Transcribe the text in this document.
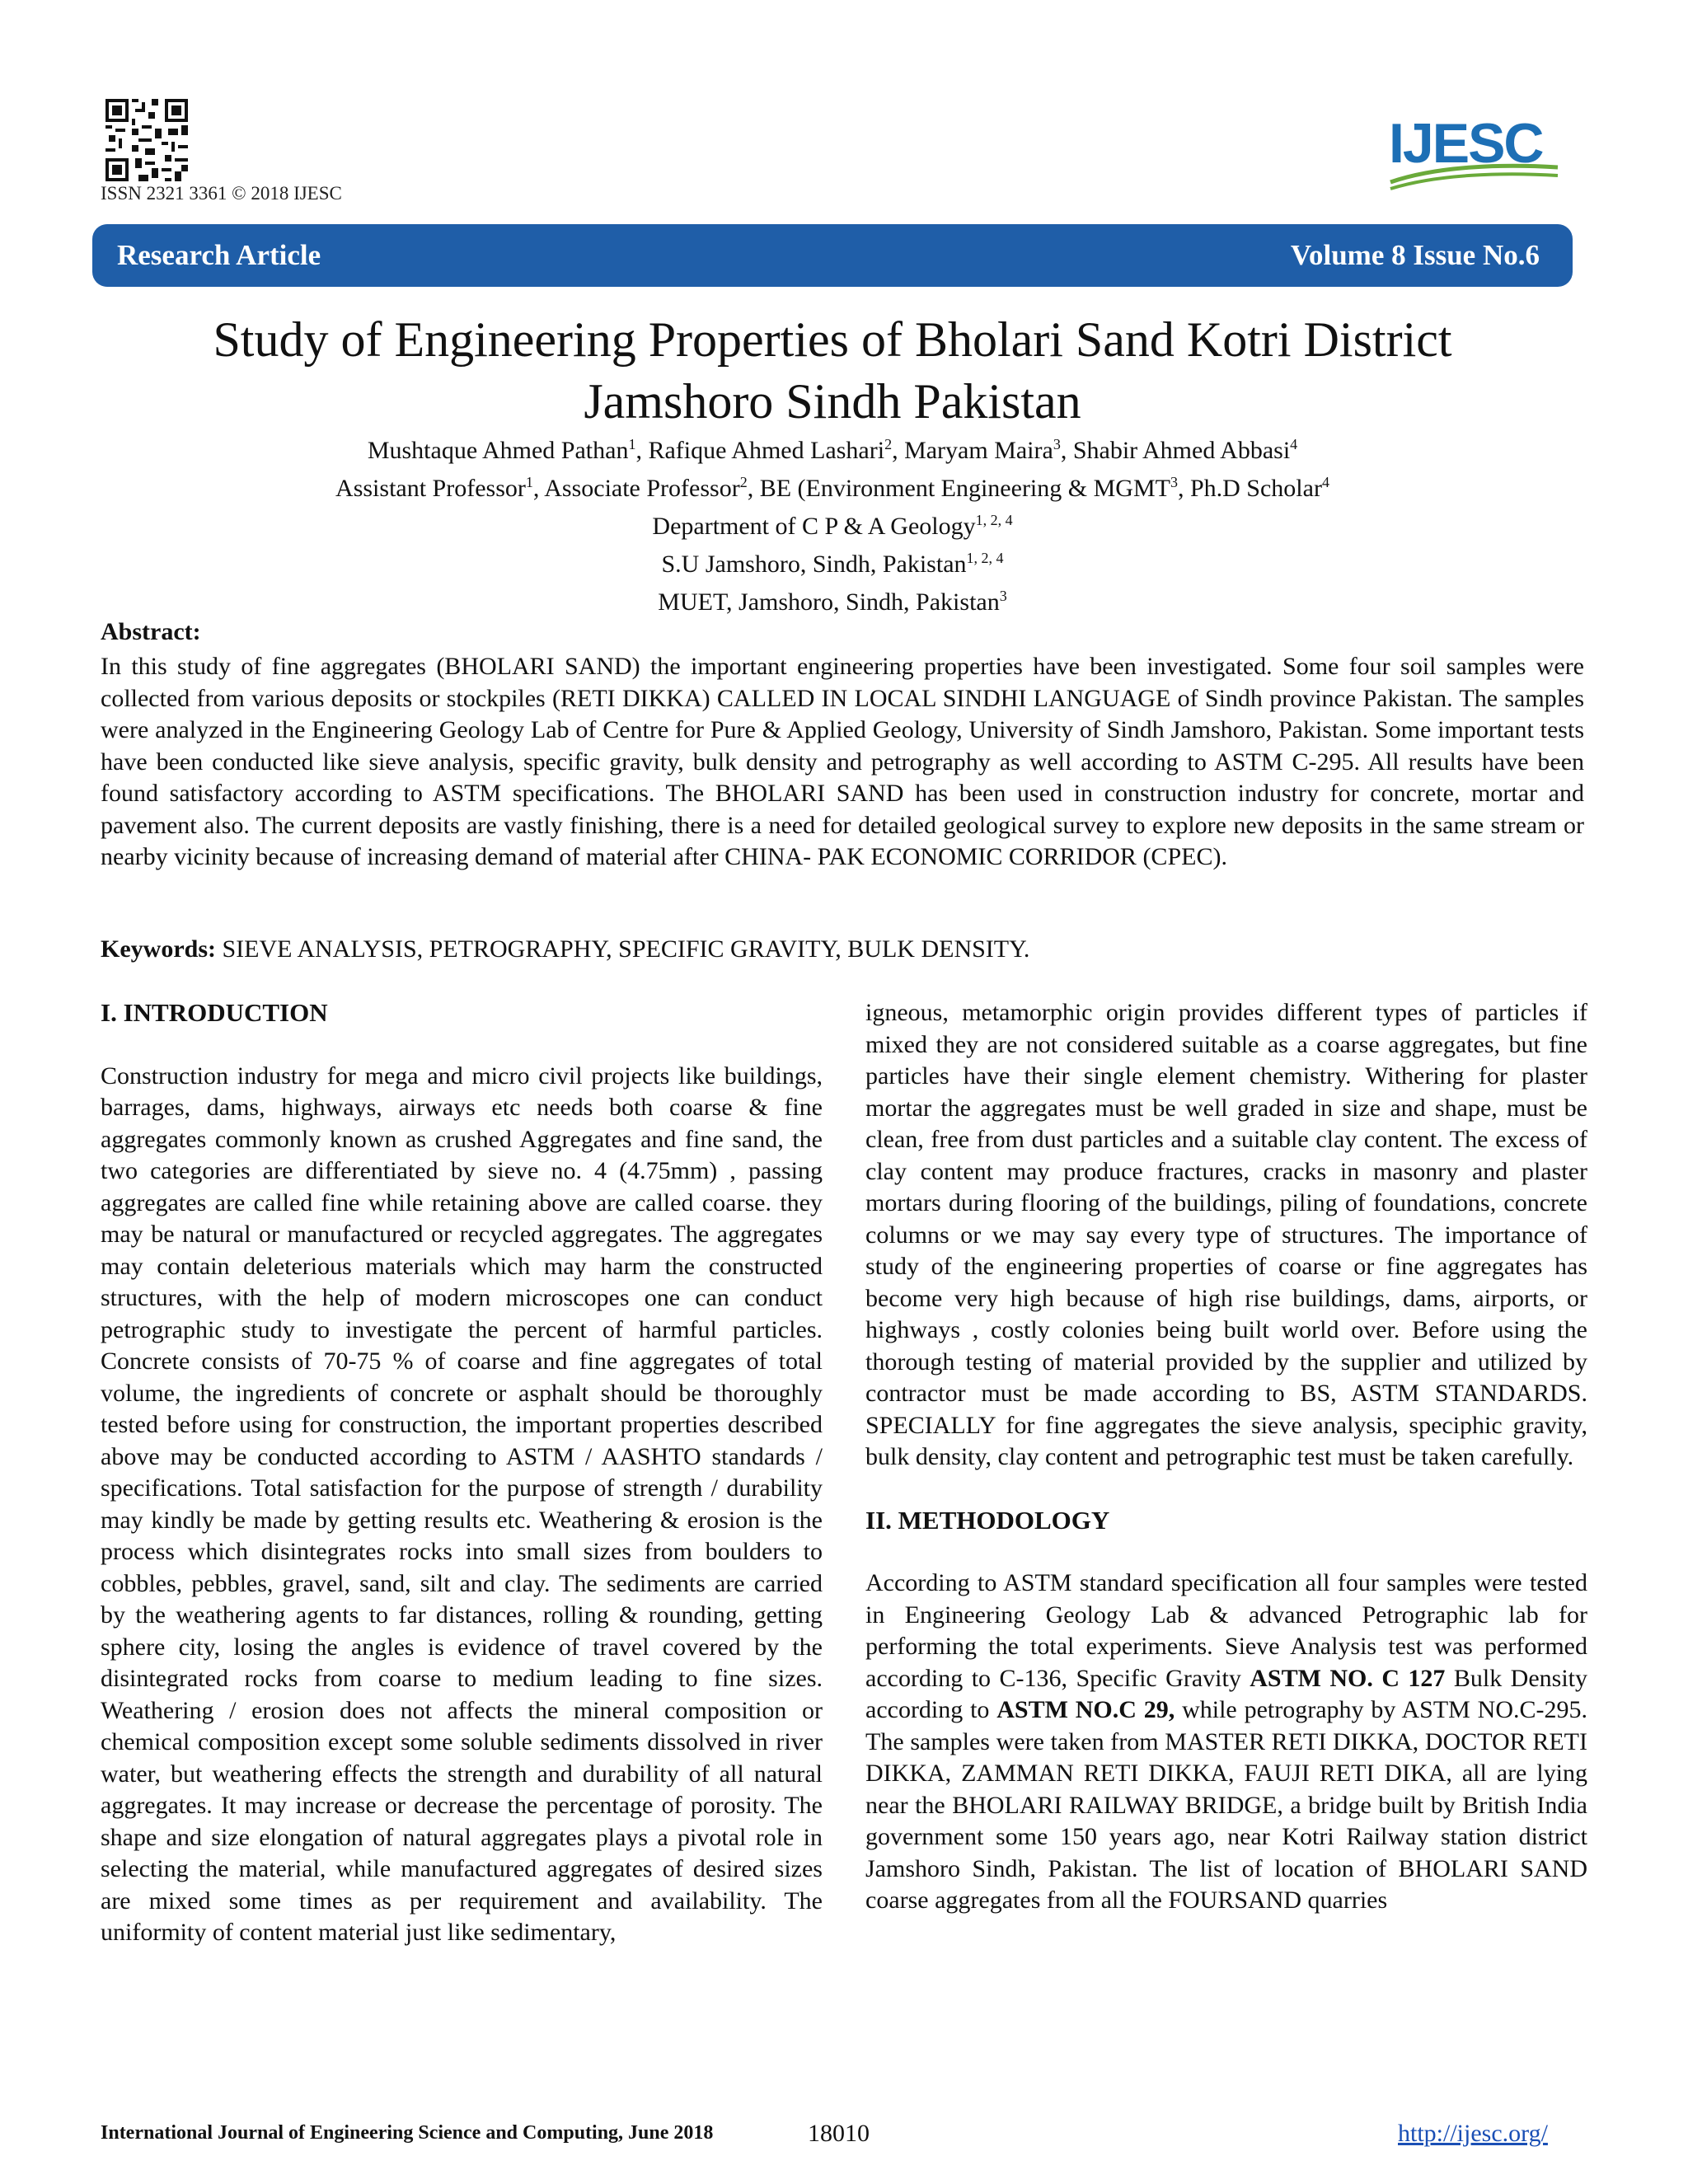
ISSN 2321 3361 © 2018 IJESC
IJESC
Research Article	Volume 8 Issue No.6
Study of Engineering Properties of Bholari Sand Kotri District
Jamshoro Sindh Pakistan
Mushtaque Ahmed Pathan$^1$, Rafique Ahmed Lashari$^2$, Maryam Maira$^3$, Shabir Ahmed Abbasi$^4$
Assistant Professor$^1$, Associate Professor$^2$, BE (Environment Engineering & MGMT$^3$, Ph.D Scholar$^4$
Department of C P & A Geology$^{1, 2, 4}$
S.U Jamshoro, Sindh, Pakistan$^{1, 2, 4}$
MUET, Jamshoro, Sindh, Pakistan$^3$
Abstract:
In this study of fine aggregates (BHOLARI SAND) the important engineering properties have been investigated. Some four soil samples were collected from various deposits or stockpiles (RETI DIKKA) CALLED IN LOCAL SINDHI LANGUAGE of Sindh province Pakistan. The samples were analyzed in the Engineering Geology Lab of Centre for Pure & Applied Geology, University of Sindh Jamshoro, Pakistan. Some important tests have been conducted like sieve analysis, specific gravity, bulk density and petrography as well according to ASTM C-295. All results have been found satisfactory according to ASTM specifications. The BHOLARI SAND has been used in construction industry for concrete, mortar and pavement also. The current deposits are vastly finishing, there is a need for detailed geological survey to explore new deposits in the same stream or nearby vicinity because of increasing demand of material after CHINA- PAK ECONOMIC CORRIDOR (CPEC).
Keywords: SIEVE ANALYSIS, PETROGRAPHY, SPECIFIC GRAVITY, BULK DENSITY.
I. INTRODUCTION

Construction industry for mega and micro civil projects like buildings, barrages, dams, highways, airways etc needs both coarse & fine aggregates commonly known as crushed Aggregates and fine sand, the two categories are differentiated by sieve no. 4 (4.75mm) , passing aggregates are called fine while retaining above are called coarse. they may be natural or manufactured or recycled aggregates. The aggregates may contain deleterious materials which may harm the constructed structures, with the help of modern microscopes one can conduct petrographic study to investigate the percent of harmful particles. Concrete consists of 70-75 % of coarse and fine aggregates of total volume, the ingredients of concrete or asphalt should be thoroughly tested before using for construction, the important properties described above may be conducted according to ASTM / AASHTO standards / specifications. Total satisfaction for the purpose of strength / durability may kindly be made by getting results etc. Weathering & erosion is the process which disintegrates rocks into small sizes from boulders to cobbles, pebbles, gravel, sand, silt and clay. The sediments are carried by the weathering agents to far distances, rolling & rounding, getting sphere city, losing the angles is evidence of travel covered by the disintegrated rocks from coarse to medium leading to fine sizes. Weathering / erosion does not affects the mineral composition or chemical composition except some soluble sediments dissolved in river water, but weathering effects the strength and durability of all natural aggregates. It may increase or decrease the percentage of porosity. The shape and size elongation of natural aggregates plays a pivotal role in selecting the material, while manufactured aggregates of desired sizes are mixed some times as per requirement and availability. The uniformity of content material just like sedimentary,

igneous, metamorphic origin provides different types of particles if mixed they are not considered suitable as a coarse aggregates, but fine particles have their single element chemistry. Withering for plaster mortar the aggregates must be well graded in size and shape, must be clean, free from dust particles and a suitable clay content. The excess of clay content may produce fractures, cracks in masonry and plaster mortars during flooring of the buildings, piling of foundations, concrete columns or we may say every type of structures. The importance of study of the engineering properties of coarse or fine aggregates has become very high because of high rise buildings, dams, airports, or highways , costly colonies being built world over. Before using the thorough testing of material provided by the supplier and utilized by contractor must be made according to BS, ASTM STANDARDS. SPECIALLY for fine aggregates the sieve analysis, speciphic gravity, bulk density, clay content and petrographic test must be taken carefully.

II. METHODOLOGY

According to ASTM standard specification all four samples were tested in Engineering Geology Lab & advanced Petrographic lab for performing the total experiments. Sieve Analysis test was performed according to C-136, Specific Gravity ASTM NO. C 127 Bulk Density according to ASTM NO.C 29, while petrography by ASTM NO.C-295. The samples were taken from MASTER RETI DIKKA, DOCTOR RETI DIKKA, ZAMMAN RETI DIKKA, FAUJI RETI DIKA, all are lying near the BHOLARI RAILWAY BRIDGE, a bridge built by British India government some 150 years ago, near Kotri Railway station district Jamshoro Sindh, Pakistan. The list of location of BHOLARI SAND coarse aggregates from all the FOURSAND quarries

International Journal of Engineering Science and Computing, June 2018	18010	http://ijesc.org/
